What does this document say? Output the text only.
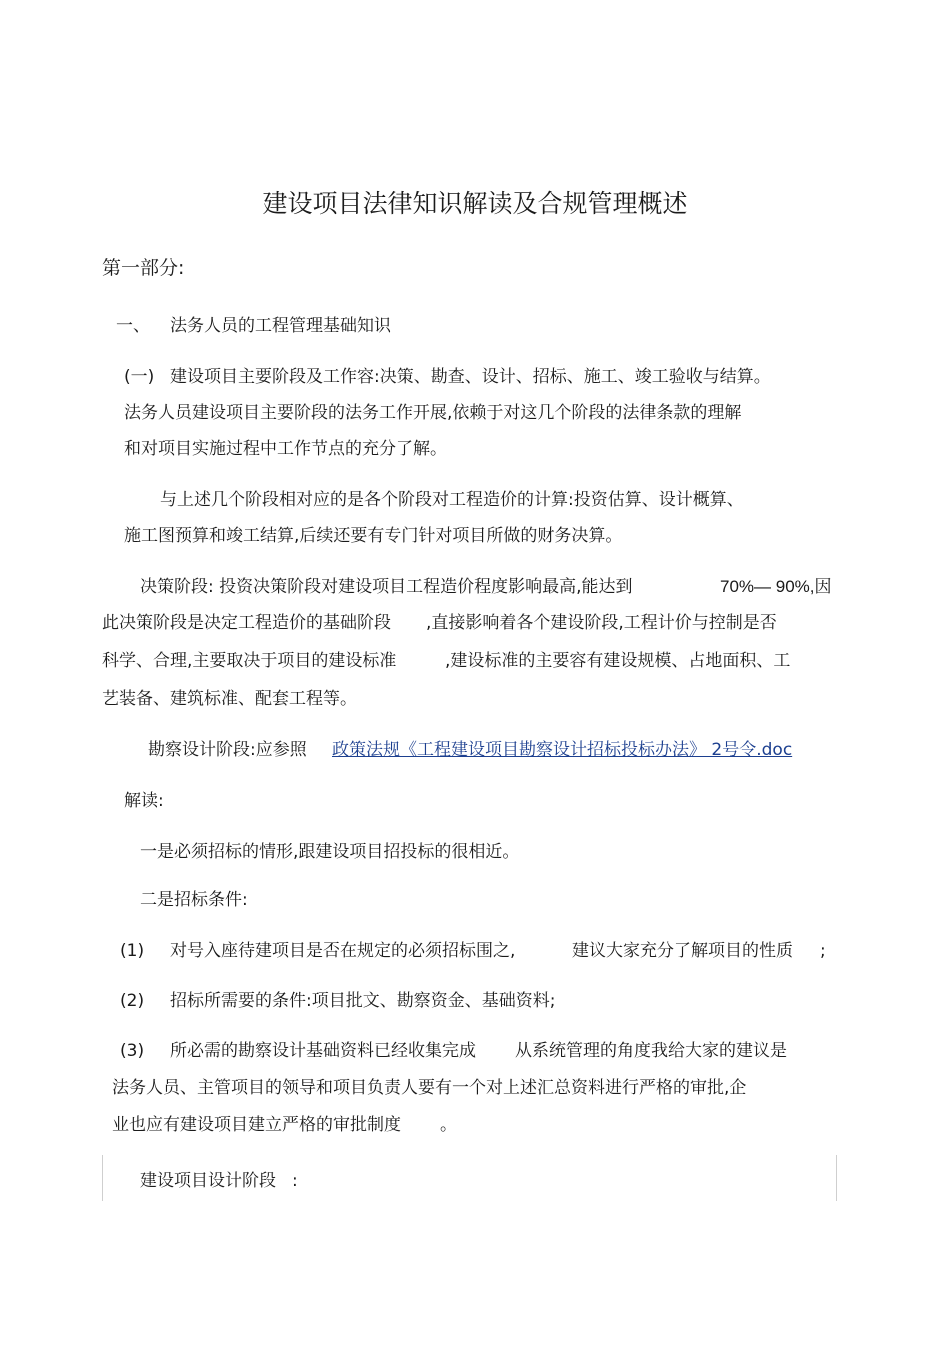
建设项目法律知识解读及合规管理概述
第一部分:
一、 法务人员的工程管理基础知识
(一) 建设项目主要阶段及工作容:决策、勘查、设计、招标、施工、竣工验收与结算。
法务人员建设项目主要阶段的法务工作开展,依赖于对这几个阶段的法律条款的理解
和对项目实施过程中工作节点的充分了解。
与上述几个阶段相对应的是各个阶段对工程造价的计算:投资估算、设计概算、
施工图预算和竣工结算,后续还要有专门针对项目所做的财务决算。
决策阶段: 投资决策阶段对建设项目工程造价程度影响最高,能达到	70%— 90%,因
此决策阶段是决定工程造价的基础阶段 ,直接影响着各个建设阶段,工程计价与控制是否
科学、合理,主要取决于项目的建设标准	,建设标准的主要容有建设规模、占地面积、工
艺装备、建筑标准、配套工程等。
勘察设计阶段:应参照 政策法规《工程建设项目勘察设计招标投标办法》 2号令.doc
解读:
一是必须招标的情形,跟建设项目招投标的很相近。
二是招标条件:
(1) 对号入座待建项目是否在规定的必须招标围之,	建议大家充分了解项目的性质 ;
(2) 招标所需要的条件:项目批文、勘察资金、基础资料;
(3) 所必需的勘察设计基础资料已经收集完成 从系统管理的角度我给大家的建议是
法务人员、主管项目的领导和项目负责人要有一个对上述汇总资料进行严格的审批,企
业也应有建设项目建立严格的审批制度 。
建设项目设计阶段 :
